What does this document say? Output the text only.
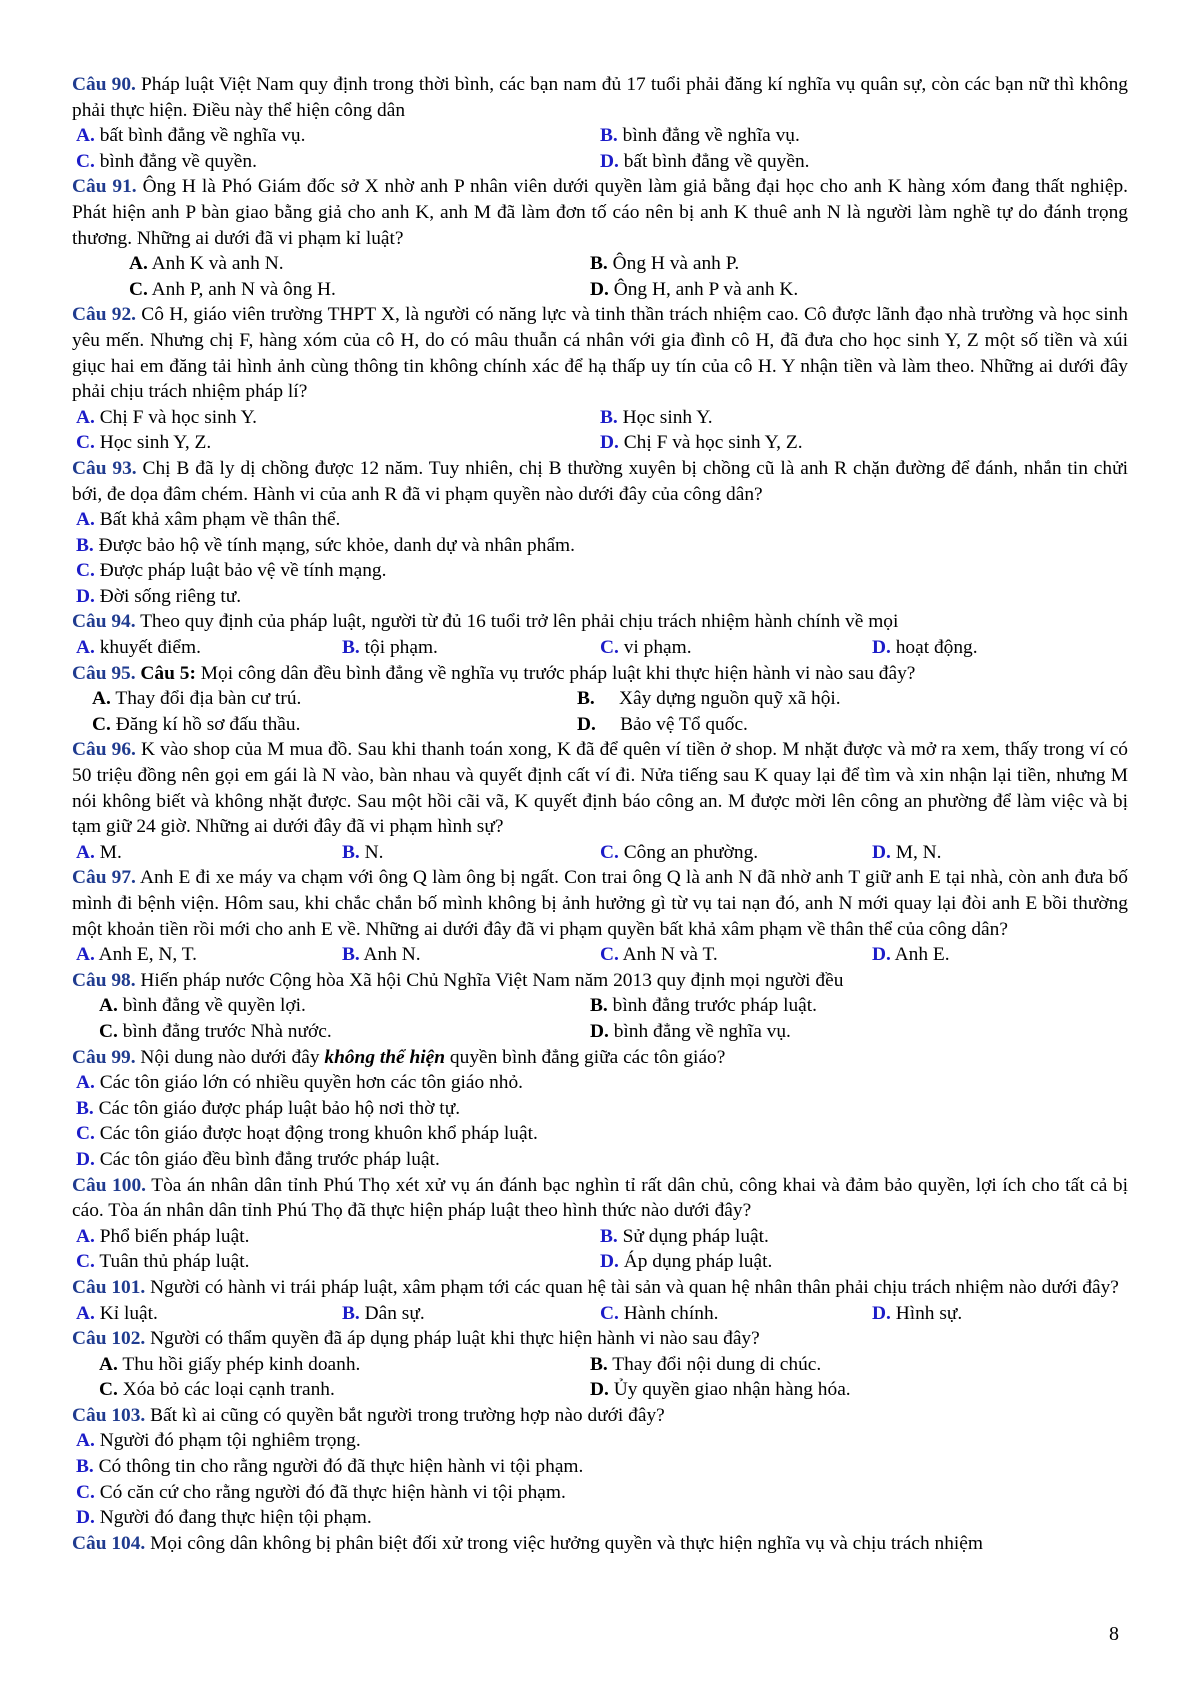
Câu 90. Pháp luật Việt Nam quy định trong thời bình, các bạn nam đủ 17 tuổi phải đăng kí nghĩa vụ quân sự, còn các bạn nữ thì không phải thực hiện. Điều này thể hiện công dân
A. bất bình đẳng về nghĩa vụ.	B. bình đẳng về nghĩa vụ.
C. bình đẳng về quyền.	D. bất bình đẳng về quyền.
Câu 91. Ông H là Phó Giám đốc sở X nhờ anh P nhân viên dưới quyền làm giả bằng đại học cho anh K hàng xóm đang thất nghiệp. Phát hiện anh P bàn giao bằng giả cho anh K, anh M đã làm đơn tố cáo nên bị anh K thuê anh N là người làm nghề tự do đánh trọng thương. Những ai dưới đã vi phạm kỉ luật?
A. Anh K và anh N.	B. Ông H và anh P.
C. Anh P, anh N và ông H.	D. Ông H, anh P và anh K.
Câu 92. Cô H, giáo viên trường THPT X, là người có năng lực và tinh thần trách nhiệm cao. Cô được lãnh đạo nhà trường và học sinh yêu mến. Nhưng chị F, hàng xóm của cô H, do có mâu thuẫn cá nhân với gia đình cô H, đã đưa cho học sinh Y, Z một số tiền và xúi giục hai em đăng tải hình ảnh cùng thông tin không chính xác để hạ thấp uy tín của cô H. Y nhận tiền và làm theo. Những ai dưới đây phải chịu trách nhiệm pháp lí?
A. Chị F và học sinh Y.	B. Học sinh Y.
C. Học sinh Y, Z.	D. Chị F và học sinh Y, Z.
Câu 93. Chị B đã ly dị chồng được 12 năm. Tuy nhiên, chị B thường xuyên bị chồng cũ là anh R chặn đường để đánh, nhắn tin chửi bới, đe dọa đâm chém. Hành vi của anh R đã vi phạm quyền nào dưới đây của công dân?
A. Bất khả xâm phạm về thân thể.
B. Được bảo hộ về tính mạng, sức khỏe, danh dự và nhân phẩm.
C. Được pháp luật bảo vệ về tính mạng.
D. Đời sống riêng tư.
Câu 94. Theo quy định của pháp luật, người từ đủ 16 tuổi trở lên phải chịu trách nhiệm hành chính về mọi
A. khuyết điểm.	B. tội phạm.	C. vi phạm.	D. hoạt động.
Câu 95. Câu 5: Mọi công dân đều bình đẳng về nghĩa vụ trước pháp luật khi thực hiện hành vi nào sau đây?
A. Thay đổi địa bàn cư trú.	B.     Xây dựng nguồn quỹ xã hội.
C. Đăng kí hồ sơ đấu thầu.	D.     Bảo vệ Tổ quốc.
Câu 96. K vào shop của M mua đồ. Sau khi thanh toán xong, K đã để quên ví tiền ở shop. M nhặt được và mở ra xem, thấy trong ví có 50 triệu đồng nên gọi em gái là N vào, bàn nhau và quyết định cất ví đi. Nửa tiếng sau K quay lại để tìm và xin nhận lại tiền, nhưng M nói không biết và không nhặt được. Sau một hồi cãi vã, K quyết định báo công an. M được mời lên công an phường để làm việc và bị tạm giữ 24 giờ. Những ai dưới đây đã vi phạm hình sự?
A. M.	B. N.	C. Công an phường.	D. M, N.
Câu 97. Anh E đi xe máy va chạm với ông Q làm ông bị ngất. Con trai ông Q là anh N đã nhờ anh T giữ anh E tại nhà, còn anh đưa bố mình đi bệnh viện. Hôm sau, khi chắc chắn bố mình không bị ảnh hưởng gì từ vụ tai nạn đó, anh N mới quay lại đòi anh E bồi thường một khoản tiền rồi mới cho anh E về. Những ai dưới đây đã vi phạm quyền bất khả xâm phạm về thân thể của công dân?
A. Anh E, N, T.	B. Anh N.	C. Anh N và T.	D. Anh E.
Câu 98. Hiến pháp nước Cộng hòa Xã hội Chủ Nghĩa Việt Nam năm 2013 quy định mọi người đều
A. bình đẳng về quyền lợi.	B. bình đẳng trước pháp luật.
C. bình đẳng trước Nhà nước.	D. bình đẳng về nghĩa vụ.
Câu 99. Nội dung nào dưới đây không thể hiện quyền bình đẳng giữa các tôn giáo?
A. Các tôn giáo lớn có nhiều quyền hơn các tôn giáo nhỏ.
B. Các tôn giáo được pháp luật bảo hộ nơi thờ tự.
C. Các tôn giáo được hoạt động trong khuôn khổ pháp luật.
D. Các tôn giáo đều bình đẳng trước pháp luật.
Câu 100. Tòa án nhân dân tỉnh Phú Thọ xét xử vụ án đánh bạc nghìn tỉ rất dân chủ, công khai và đảm bảo quyền, lợi ích cho tất cả bị cáo. Tòa án nhân dân tỉnh Phú Thọ đã thực hiện pháp luật theo hình thức nào dưới đây?
A. Phổ biến pháp luật.	B. Sử dụng pháp luật.
C. Tuân thủ pháp luật.	D. Áp dụng pháp luật.
Câu 101. Người có hành vi trái pháp luật, xâm phạm tới các quan hệ tài sản và quan hệ nhân thân phải chịu trách nhiệm nào dưới đây?
A. Kỉ luật.	B. Dân sự.	C. Hành chính.	D. Hình sự.
Câu 102. Người có thẩm quyền đã áp dụng pháp luật khi thực hiện hành vi nào sau đây?
A. Thu hồi giấy phép kinh doanh.	B. Thay đổi nội dung di chúc.
C. Xóa bỏ các loại cạnh tranh.	D. Ủy quyền giao nhận hàng hóa.
Câu 103. Bất kì ai cũng có quyền bắt người trong trường hợp nào dưới đây?
A. Người đó phạm tội nghiêm trọng.
B. Có thông tin cho rằng người đó đã thực hiện hành vi tội phạm.
C. Có căn cứ cho rằng người đó đã thực hiện hành vi tội phạm.
D. Người đó đang thực hiện tội phạm.
Câu 104. Mọi công dân không bị phân biệt đối xử trong việc hưởng quyền và thực hiện nghĩa vụ và chịu trách nhiệm
8
